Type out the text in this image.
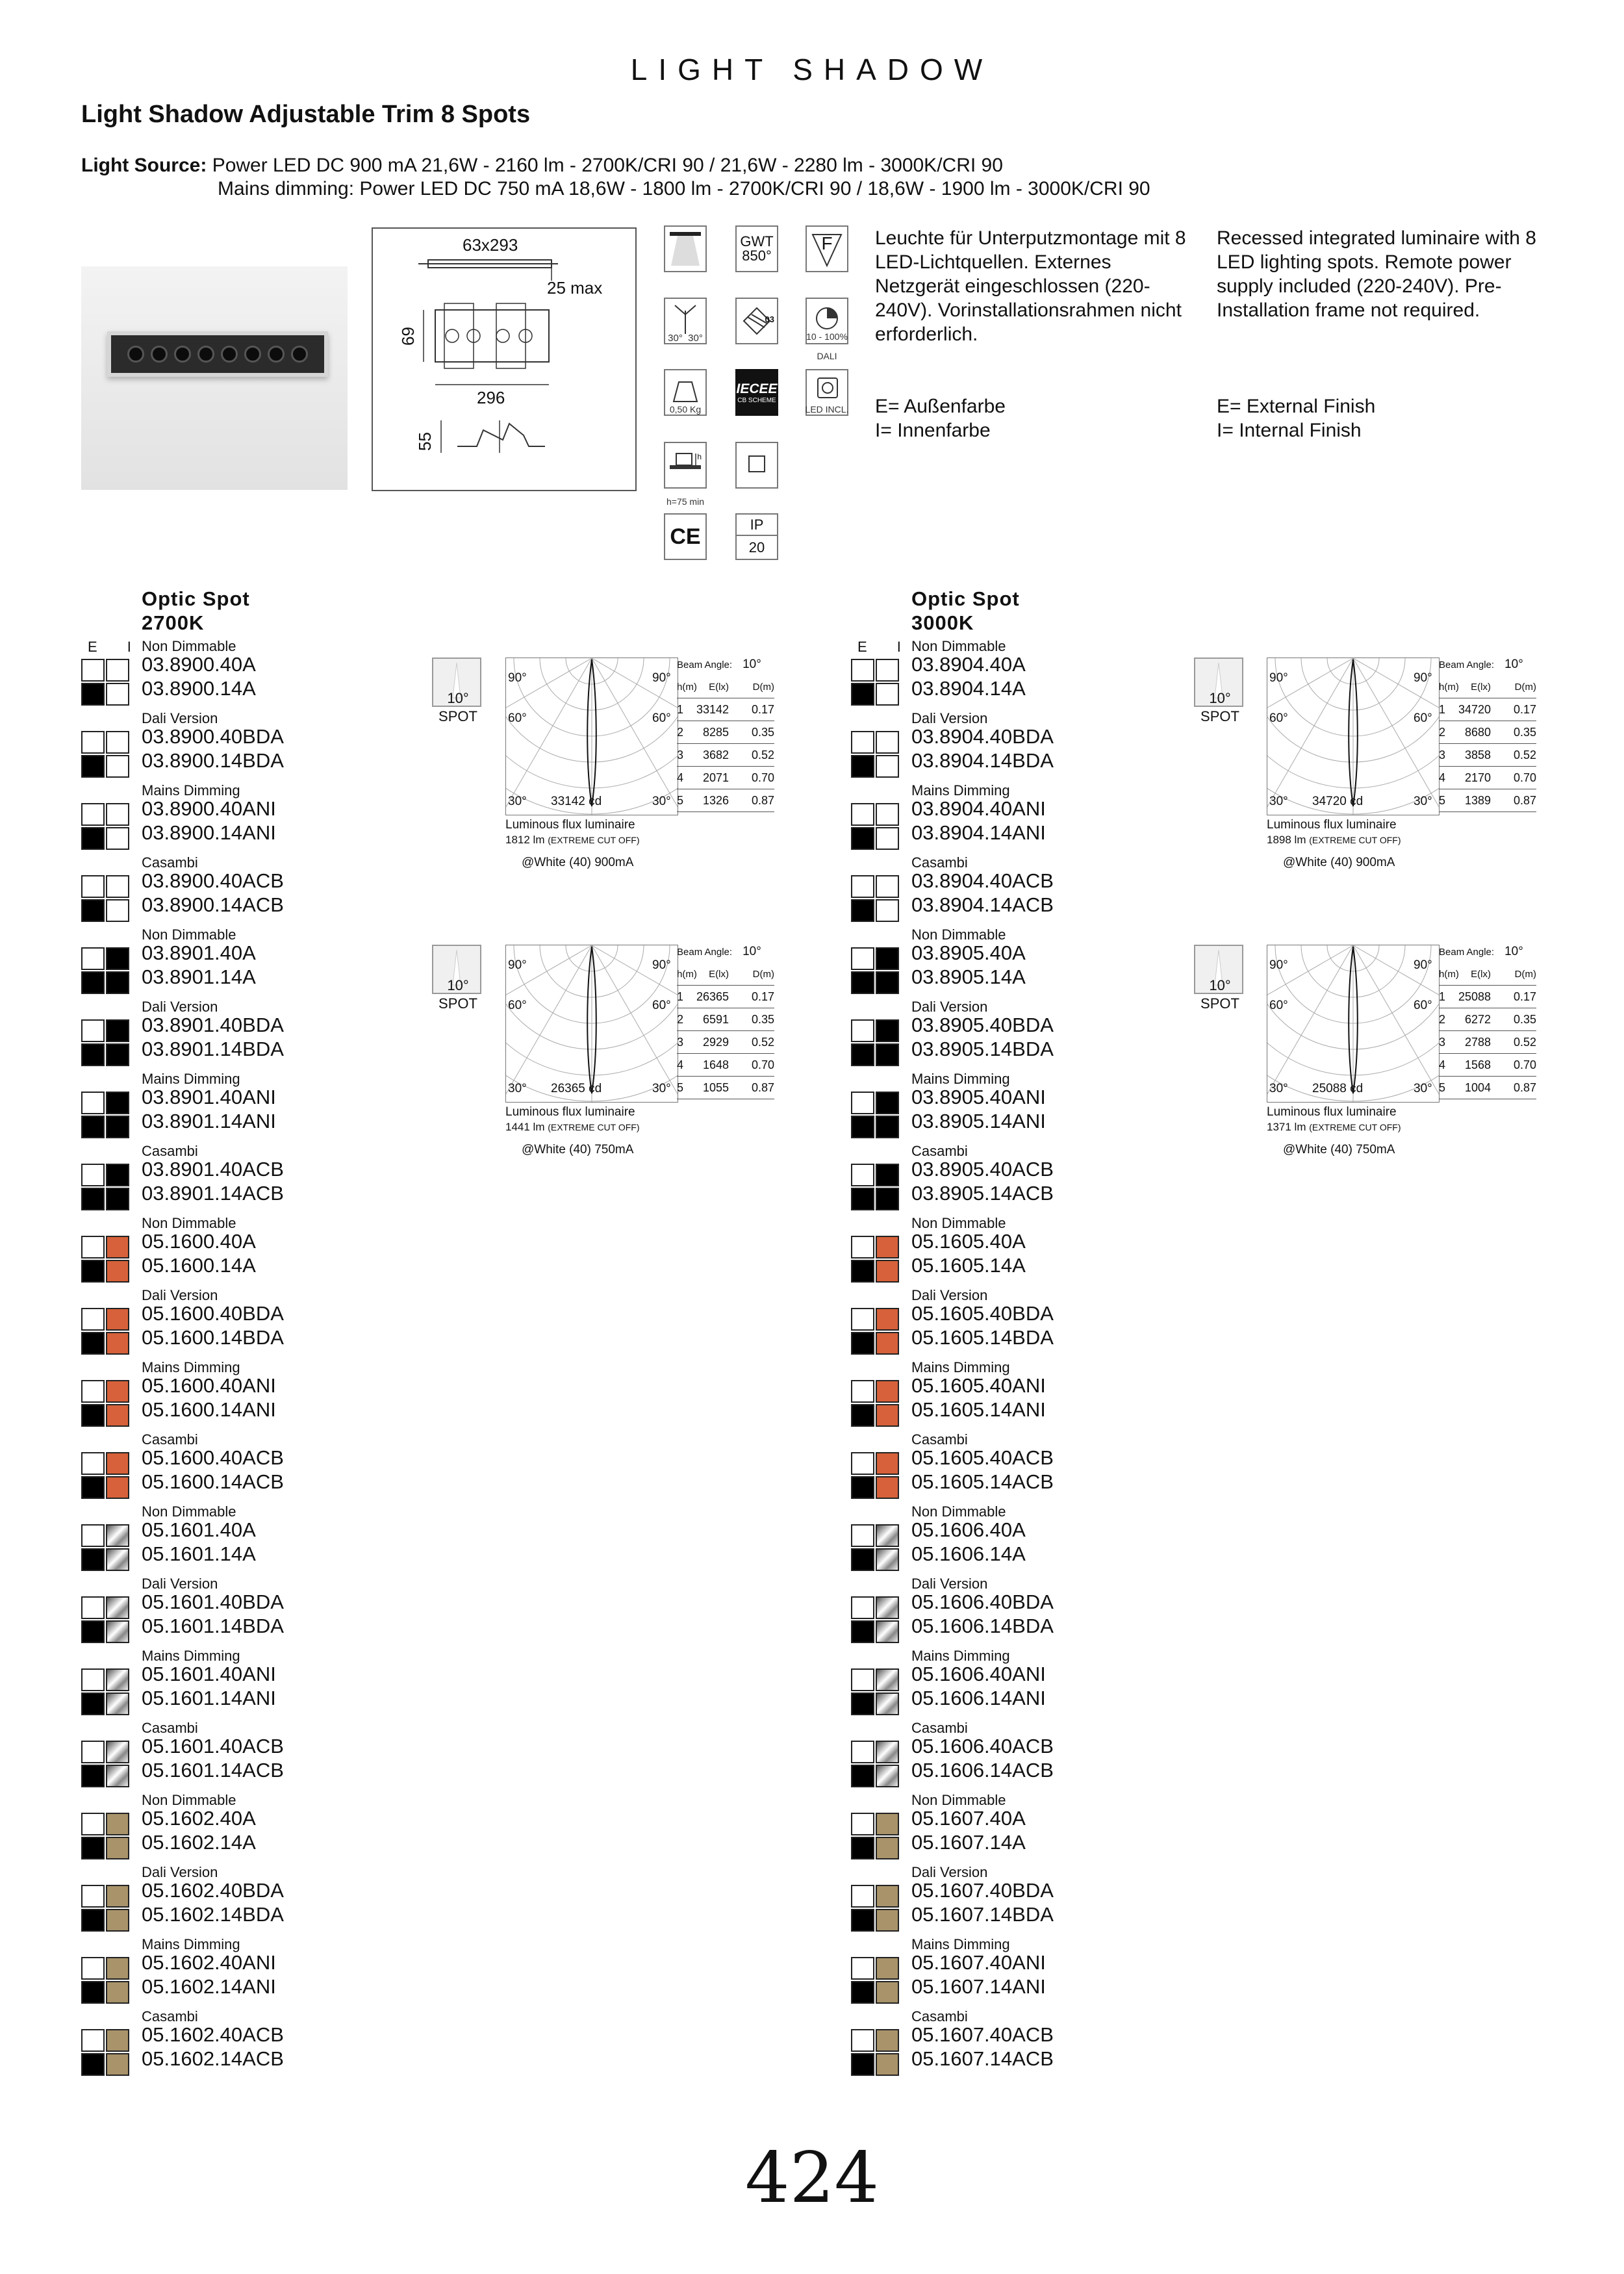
LIGHT SHADOW
Light Shadow Adjustable Trim 8 Spots
Light Source: Power LED DC 900 mA 21,6W - 2160 lm - 2700K/CRI 90 / 21,6W - 2280 lm - 3000K/CRI 90
Mains dimming: Power LED DC 750 mA 18,6W - 1800 lm - 2700K/CRI 90 / 18,6W - 1900 lm - 3000K/CRI 90
63x293
25 max
69
296
55
GWT
850°
F
30° 30°
03
10 - 100%
DALI
0,50 Kg
IECEE
CB SCHEME
LED INCL.
h
h=75 min
CE	IP
20
Leuchte für Unterputzmontage mit 8 LED-Lichtquellen. Externes Netzgerät eingeschlossen (220-240V). Vorinstallationsrahmen nicht erforderlich.
Recessed integrated luminaire with 8 LED lighting spots. Remote power supply included (220-240V). Pre-Installation frame not required.
E= Außenfarbe
I= Innenfarbe
E= External Finish
I= Internal Finish
Optic Spot
2700K
E I
Non Dimmable
03.8900.40A
03.8900.14A
Dali Version
03.8900.40BDA
03.8900.14BDA
Mains Dimming
03.8900.40ANI
03.8900.14ANI
Casambi
03.8900.40ACB
03.8900.14ACB
Non Dimmable
03.8901.40A
03.8901.14A
Dali Version
03.8901.40BDA
03.8901.14BDA
Mains Dimming
03.8901.40ANI
03.8901.14ANI
Casambi
03.8901.40ACB
03.8901.14ACB
Non Dimmable
05.1600.40A
05.1600.14A
Dali Version
05.1600.40BDA
05.1600.14BDA
Mains Dimming
05.1600.40ANI
05.1600.14ANI
Casambi
05.1600.40ACB
05.1600.14ACB
Non Dimmable
05.1601.40A
05.1601.14A
Dali Version
05.1601.40BDA
05.1601.14BDA
Mains Dimming
05.1601.40ANI
05.1601.14ANI
Casambi
05.1601.40ACB
05.1601.14ACB
Non Dimmable
05.1602.40A
05.1602.14A
Dali Version
05.1602.40BDA
05.1602.14BDA
Mains Dimming
05.1602.40ANI
05.1602.14ANI
Casambi
05.1602.40ACB
05.1602.14ACB
10°
SPOT
90°	90°
60°	60°
30°	30°
33142 cd
Luminous flux luminaire
1812 lm (EXTREME CUT OFF)
@White (40) 900mA
Beam Angle: 10°
h(m)	E(lx)	D(m)
1	33142	0.17
2	8285	0.35
3	3682	0.52
4	2071	0.70
5	1326	0.87
10°
SPOT
90°	90°
60°	60°
30°	30°
26365 cd
Luminous flux luminaire
1441 lm (EXTREME CUT OFF)
@White (40) 750mA
Beam Angle: 10°
h(m)	E(lx)	D(m)
1	26365	0.17
2	6591	0.35
3	2929	0.52
4	1648	0.70
5	1055	0.87
Optic Spot
3000K
E I
Non Dimmable
03.8904.40A
03.8904.14A
Dali Version
03.8904.40BDA
03.8904.14BDA
Mains Dimming
03.8904.40ANI
03.8904.14ANI
Casambi
03.8904.40ACB
03.8904.14ACB
Non Dimmable
03.8905.40A
03.8905.14A
Dali Version
03.8905.40BDA
03.8905.14BDA
Mains Dimming
03.8905.40ANI
03.8905.14ANI
Casambi
03.8905.40ACB
03.8905.14ACB
Non Dimmable
05.1605.40A
05.1605.14A
Dali Version
05.1605.40BDA
05.1605.14BDA
Mains Dimming
05.1605.40ANI
05.1605.14ANI
Casambi
05.1605.40ACB
05.1605.14ACB
Non Dimmable
05.1606.40A
05.1606.14A
Dali Version
05.1606.40BDA
05.1606.14BDA
Mains Dimming
05.1606.40ANI
05.1606.14ANI
Casambi
05.1606.40ACB
05.1606.14ACB
Non Dimmable
05.1607.40A
05.1607.14A
Dali Version
05.1607.40BDA
05.1607.14BDA
Mains Dimming
05.1607.40ANI
05.1607.14ANI
Casambi
05.1607.40ACB
05.1607.14ACB
10°
SPOT
90°	90°
60°	60°
30°	30°
34720 cd
Luminous flux luminaire
1898 lm (EXTREME CUT OFF)
@White (40) 900mA
Beam Angle: 10°
h(m)	E(lx)	D(m)
1	34720	0.17
2	8680	0.35
3	3858	0.52
4	2170	0.70
5	1389	0.87
10°
SPOT
90°	90°
60°	60°
30°	30°
25088 cd
Luminous flux luminaire
1371 lm (EXTREME CUT OFF)
@White (40) 750mA
Beam Angle: 10°
h(m)	E(lx)	D(m)
1	25088	0.17
2	6272	0.35
3	2788	0.52
4	1568	0.70
5	1004	0.87
424
